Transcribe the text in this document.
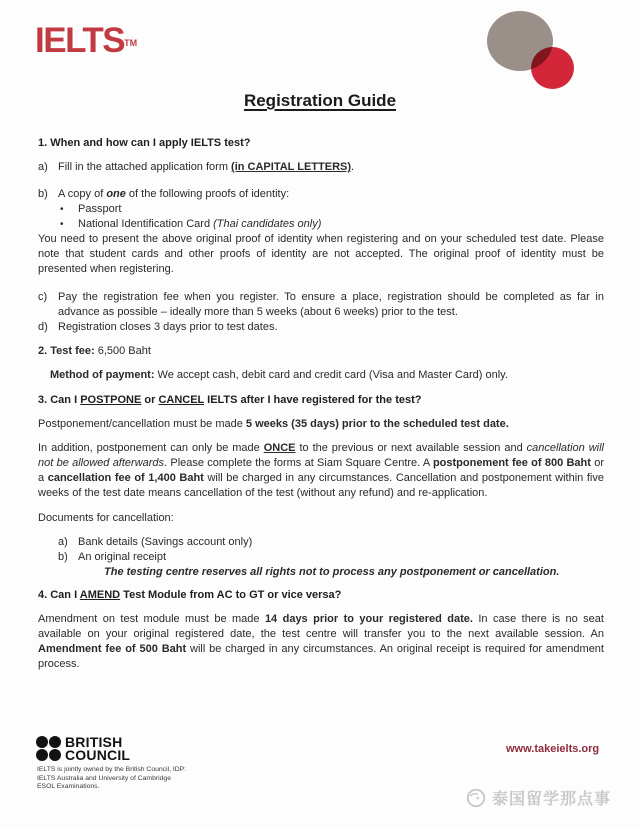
IELTS™
Registration Guide
1. When and how can I apply IELTS test?
a) Fill in the attached application form (in CAPITAL LETTERS).
b) A copy of one of the following proofs of identity:
•	Passport
•	National Identification Card (Thai candidates only)
You need to present the above original proof of identity when registering and on your scheduled test date. Please note that student cards and other proofs of identity are not accepted. The original proof of identity must be presented when registering.
c) Pay the registration fee when you register. To ensure a place, registration should be completed as far in advance as possible – ideally more than 5 weeks (about 6 weeks) prior to the test.
d) Registration closes 3 days prior to test dates.
2. Test fee: 6,500 Baht
Method of payment: We accept cash, debit card and credit card (Visa and Master Card) only.
3. Can I POSTPONE or CANCEL IELTS after I have registered for the test?
Postponement/cancellation must be made 5 weeks (35 days) prior to the scheduled test date.
In addition, postponement can only be made ONCE to the previous or next available session and cancellation will not be allowed afterwards. Please complete the forms at Siam Square Centre. A postponement fee of 800 Baht or a cancellation fee of 1,400 Baht will be charged in any circumstances. Cancellation and postponement within five weeks of the test date means cancellation of the test (without any refund) and re-application.
Documents for cancellation:
a) Bank details (Savings account only)
b) An original receipt
The testing centre reserves all rights not to process any postponement or cancellation.
4. Can I AMEND Test Module from AC to GT or vice versa?
Amendment on test module must be made 14 days prior to your registered date. In case there is no seat available on your original registered date, the test centre will transfer you to the next available session. An Amendment fee of 500 Baht will be charged in any circumstances. An original receipt is required for amendment process.
BRITISH
COUNCIL
IELTS is jointly owned by the British Council, IDP:
IELTS Australia and University of Cambridge
ESOL Examinations.
www.takeielts.org
泰国留学那点事
